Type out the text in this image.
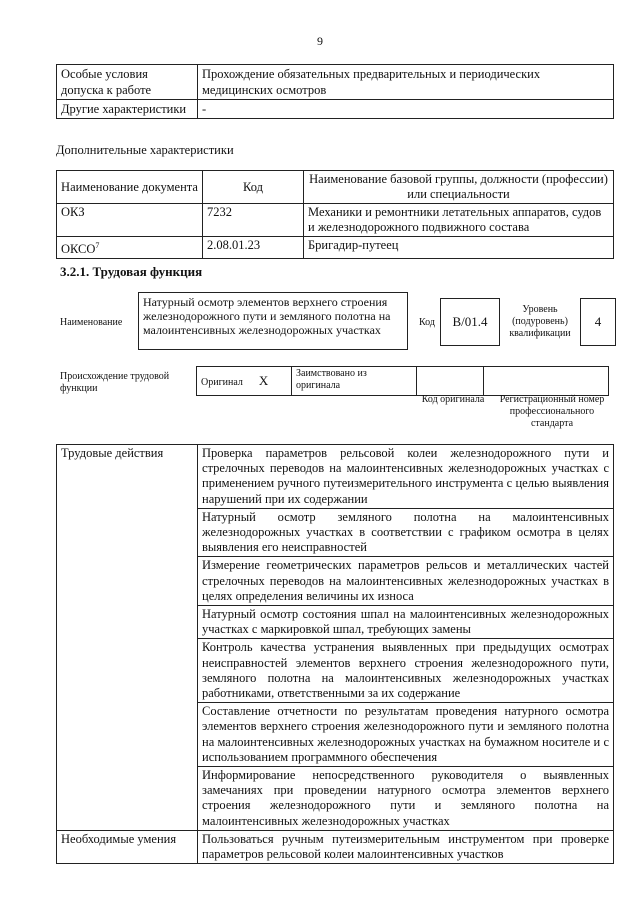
9
Особые условия допуска к работе	Прохождение обязательных предварительных и периодических медицинских осмотров
Другие характеристики	-
Дополнительные характеристики
Наименование документа	Код	Наименование базовой группы, должности (профессии) или специальности
ОКЗ	7232	Механики и ремонтники летательных аппаратов, судов и железнодорожного подвижного состава
ОКСО$^7$	2.08.01.23	Бригадир-путеец
3.2.1. Трудовая функция
Наименование
Натурный осмотр элементов верхнего строения железнодорожного пути и земляного полотна на малоинтенсивных железнодорожных участках
Код	В/01.4
Уровень (подуровень) квалификации
4
Происхождение трудовой функции
Оригинал X	Заимствовано из оригинала		
Код оригинала	Регистрационный номер профессионального стандарта
Трудовые действия	Проверка параметров рельсовой колеи железнодорожного пути и стрелочных переводов на малоинтенсивных железнодорожных участках с применением ручного путеизмерительного инструмента с целью выявления нарушений при их содержании
	Натурный осмотр земляного полотна на малоинтенсивных железнодорожных участках в соответствии с графиком осмотра в целях выявления его неисправностей
	Измерение геометрических параметров рельсов и металлических частей стрелочных переводов на малоинтенсивных железнодорожных участках в целях определения величины их износа
	Натурный осмотр состояния шпал на малоинтенсивных железнодорожных участках с маркировкой шпал, требующих замены
	Контроль качества устранения выявленных при предыдущих осмотрах неисправностей элементов верхнего строения железнодорожного пути, земляного полотна на малоинтенсивных железнодорожных участках работниками, ответственными за их содержание
	Составление отчетности по результатам проведения натурного осмотра элементов верхнего строения железнодорожного пути и земляного полотна на малоинтенсивных железнодорожных участках на бумажном носителе и с использованием программного обеспечения
	Информирование непосредственного руководителя о выявленных замечаниях при проведении натурного осмотра элементов верхнего строения железнодорожного пути и земляного полотна на малоинтенсивных железнодорожных участках
Необходимые умения	Пользоваться ручным путеизмерительным инструментом при проверке параметров рельсовой колеи малоинтенсивных участков
